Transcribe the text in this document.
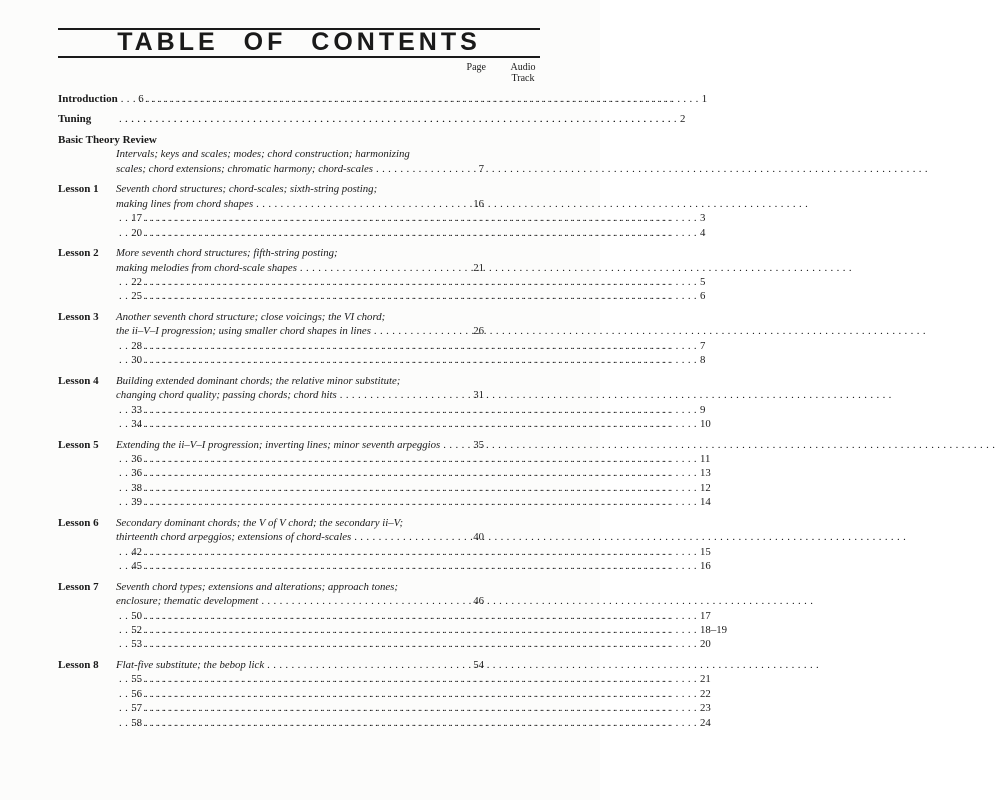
TABLE OF CONTENTS
Page Audio
Track
Introduction .....	6 .....	1
Tuning ..... .....	2
Basic Theory Review
Intervals; keys and scales; modes; chord construction; harmonizing
scales; chord extensions; chromatic harmony; chord-scales .....	7
Lesson 1	Seventh chord structures; chord-scales; sixth-string posting;
making lines from chord shapes .....	16
.....
17 .....	3
.....
20 .....	4
Lesson 2	More seventh chord structures; fifth-string posting;
making melodies from chord-scale shapes .....	21
.....
22 .....	5
.....
25 .....	6
Lesson 3	Another seventh chord structure; close voicings; the VI chord;
the ii–V–I progression; using smaller chord shapes in lines .....	26
.....
28 .....	7
.....
30 .....	8
Lesson 4	Building extended dominant chords; the relative minor substitute;
changing chord quality; passing chords; chord hits .....	31
.....
33 .....	9
.....
34 .....	10
Lesson 5	Extending the ii–V–I progression; inverting lines; minor seventh arpeggios .....	35
.....
36 .....	11
.....
36 .....	13
.....
38 .....	12
.....
39 .....	14
Lesson 6	Secondary dominant chords; the V of V chord; the secondary ii–V;
thirteenth chord arpeggios; extensions of chord-scales .....	40
.....
42 .....	15
.....
45 .....	16
Lesson 7	Seventh chord types; extensions and alterations; approach tones;
enclosure; thematic development .....	46
.....
50 .....	17
.....
52 .....	18–19
.....
53 .....	20
Lesson 8	Flat-five substitute; the bebop lick .....	54
.....
55 .....	21
.....
56 .....	22
.....
57 .....	23
.....
58 .....	24
